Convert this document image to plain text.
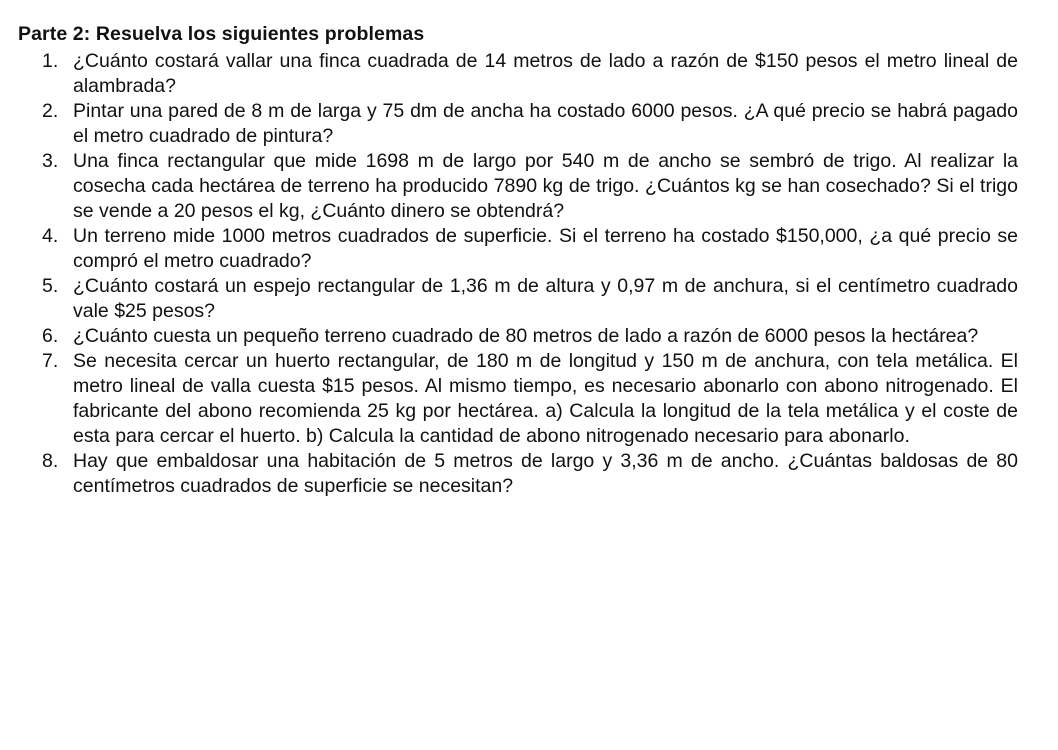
Parte 2: Resuelva los siguientes problemas
1. ¿Cuánto costará vallar una finca cuadrada de 14 metros de lado a razón de $150 pesos el metro lineal de alambrada?

2. Pintar una pared de 8 m de larga y 75 dm de ancha ha costado 6000 pesos. ¿A qué precio se habrá pagado el metro cuadrado de pintura?

3. Una finca rectangular que mide 1698 m de largo por 540 m de ancho se sembró de trigo. Al realizar la cosecha cada hectárea de terreno ha producido 7890 kg de trigo. ¿Cuántos kg se han cosechado? Si el trigo se vende a 20 pesos el kg, ¿Cuánto dinero se obtendrá?

4. Un terreno mide 1000 metros cuadrados de superficie. Si el terreno ha costado $150,000, ¿a qué precio se compró el metro cuadrado?

5. ¿Cuánto costará un espejo rectangular de 1,36 m de altura y 0,97 m de anchura, si el centímetro cuadrado vale $25 pesos?

6. ¿Cuánto cuesta un pequeño terreno cuadrado de 80 metros de lado a razón de 6000 pesos la hectárea?

7. Se necesita cercar un huerto rectangular, de 180 m de longitud y 150 m de anchura, con tela metálica. El metro lineal de valla cuesta $15 pesos. Al mismo tiempo, es necesario abonarlo con abono nitrogenado. El fabricante del abono recomienda 25 kg por hectárea. a) Calcula la longitud de la tela metálica y el coste de esta para cercar el huerto. b) Calcula la cantidad de abono nitrogenado necesario para abonarlo.

8. Hay que embaldosar una habitación de 5 metros de largo y 3,36 m de ancho. ¿Cuántas baldosas de 80 centímetros cuadrados de superficie se necesitan?
